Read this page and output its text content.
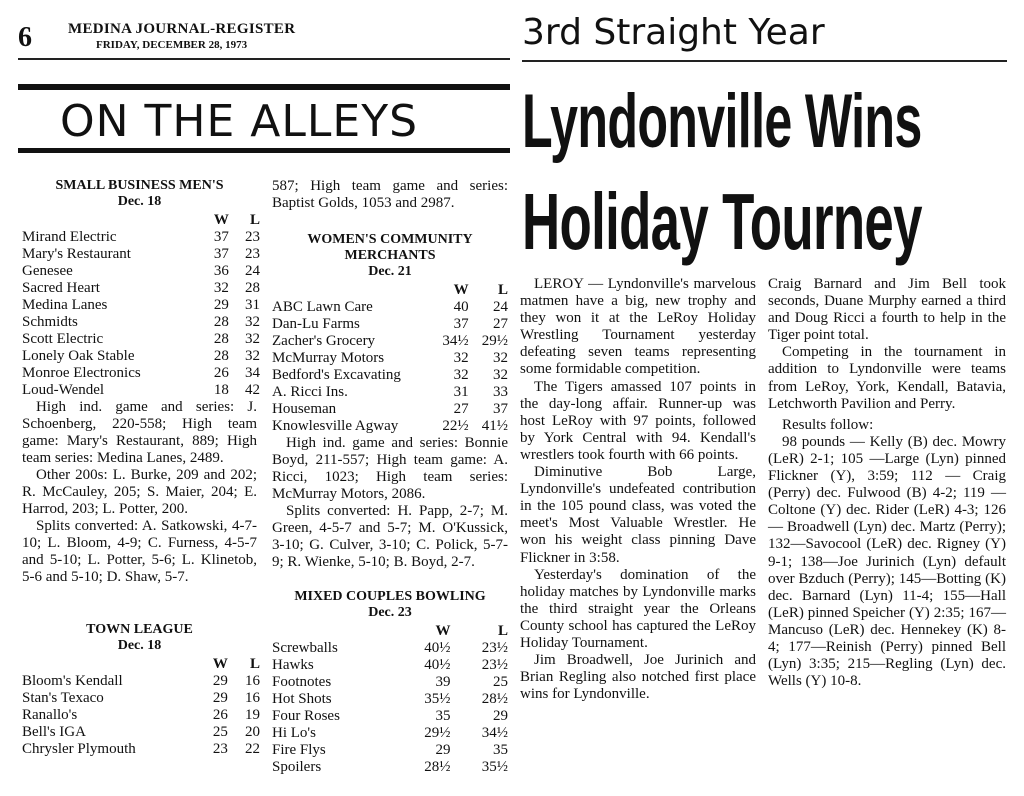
6 MEDINA JOURNAL-REGISTER
FRIDAY, DECEMBER 28, 1973	3rd Straight Year
ON THE ALLEYS Lyndonville Wins
Holiday Tourney
SMALL BUSINESS MEN'S
Dec. 18
	W	L
Mirand Electric	37	23
Mary's Restaurant	37	23
Genesee	36	24
Sacred Heart	32	28
Medina Lanes	29	31
Schmidts	28	32
Scott Electric	28	32
Lonely Oak Stable	28	32
Monroe Electronics	26	34
Loud-Wendel	18	42

High ind. game and series: J. Schoenberg, 220-558; High team game: Mary's Restaurant, 889; High team series: Medina Lanes, 2489.

Other 200s: L. Burke, 209 and 202; R. McCauley, 205; S. Maier, 204; E. Harrod, 203; L. Potter, 200.

Splits converted: A. Satkowski, 4-7-10; L. Bloom, 4-9; C. Furness, 4-5-7 and 5-10; L. Potter, 5-6; L. Klinetob, 5-6 and 5-10; D. Shaw, 5-7.

TOWN LEAGUE
Dec. 18
	W	L
Bloom's Kendall	29	16
Stan's Texaco	29	16
Ranallo's	26	19
Bell's IGA	25	20
Chrysler Plymouth	23	22

587; High team game and series: Baptist Golds, 1053 and 2987.

WOMEN'S COMMUNITY MERCHANTS
Dec. 21
	W	L
ABC Lawn Care	40	24
Dan-Lu Farms	37	27
Zacher's Grocery	34½	29½
McMurray Motors	32	32
Bedford's Excavating	32	32
A. Ricci Ins.	31	33
Houseman	27	37
Knowlesville Agway	22½	41½

High ind. game and series: Bonnie Boyd, 211-557; High team game: A. Ricci, 1023; High team series: McMurray Motors, 2086.

Splits converted: H. Papp, 2-7; M. Green, 4-5-7 and 5-7; M. O'Kussick, 3-10; G. Culver, 3-10; C. Polick, 5-7-9; R. Wienke, 5-10; B. Boyd, 2-7.

MIXED COUPLES BOWLING
Dec. 23
	W	L
Screwballs	40½	23½
Hawks	40½	23½
Footnotes	39	25
Hot Shots	35½	28½
Four Roses	35	29
Hi Lo's	29½	34½
Fire Flys	29	35
Spoilers	28½	35½

LEROY — Lyndonville's marvelous matmen have a big, new trophy and they won it at the LeRoy Holiday Wrestling Tournament yesterday defeating seven teams representing some formidable competition.

The Tigers amassed 107 points in the day-long affair. Runner-up was host LeRoy with 97 points, followed by York Central with 94. Kendall's wrestlers took fourth with 66 points.

Diminutive Bob Large, Lyndonville's undefeated contribution in the 105 pound class, was voted the meet's Most Valuable Wrestler. He won his weight class pinning Dave Flickner in 3:58.

Yesterday's domination of the holiday matches by Lyndonville marks the third straight year the Orleans County school has captured the LeRoy Holiday Tournament.

Jim Broadwell, Joe Jurinich and Brian Regling also notched first place wins for Lyndonville.

Craig Barnard and Jim Bell took seconds, Duane Murphy earned a third and Doug Ricci a fourth to help in the Tiger point total.

Competing in the tournament in addition to Lyndonville were teams from LeRoy, York, Kendall, Batavia, Letchworth Pavilion and Perry.

Results follow:

98 pounds — Kelly (B) dec. Mowry (LeR) 2-1; 105 —Large (Lyn) pinned Flickner (Y), 3:59; 112 — Craig (Perry) dec. Fulwood (B) 4-2; 119 — Coltone (Y) dec. Rider (LeR) 4-3; 126 — Broadwell (Lyn) dec. Martz (Perry); 132—Savocool (LeR) dec. Rigney (Y) 9-1; 138—Joe Jurinich (Lyn) default over Bzduch (Perry); 145—Botting (K) dec. Barnard (Lyn) 11-4; 155—Hall (LeR) pinned Speicher (Y) 2:35; 167—Mancuso (LeR) dec. Hennekey (K) 8-4; 177—Reinish (Perry) pinned Bell (Lyn) 3:35; 215—Regling (Lyn) dec. Wells (Y) 10-8.
